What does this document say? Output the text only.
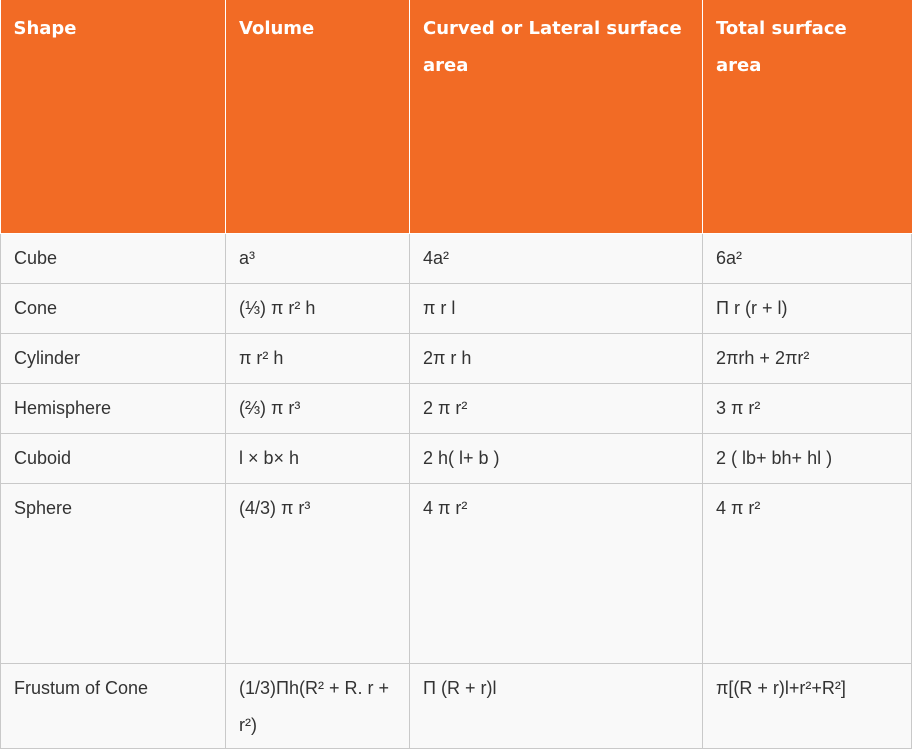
Shape	Volume	Curved or Lateral surface area	Total surface area
Cube	a³	4a²	6a²
Cone	(⅓) π r² h	π r l	Π r (r + l)
Cylinder	π r² h	2π r h	2πrh + 2πr²
Hemisphere	(⅔) π r³	2 π r²	3 π r²
Cuboid	l × b× h	2 h( l+ b )	2 ( lb+ bh+ hl )
Sphere	(4/3) π r³	4 π r²	4 π r²
Frustum of Cone	(1/3)Πh(R² + R. r + r²)	Π (R + r)l	π[(R + r)l+r²+R²]
